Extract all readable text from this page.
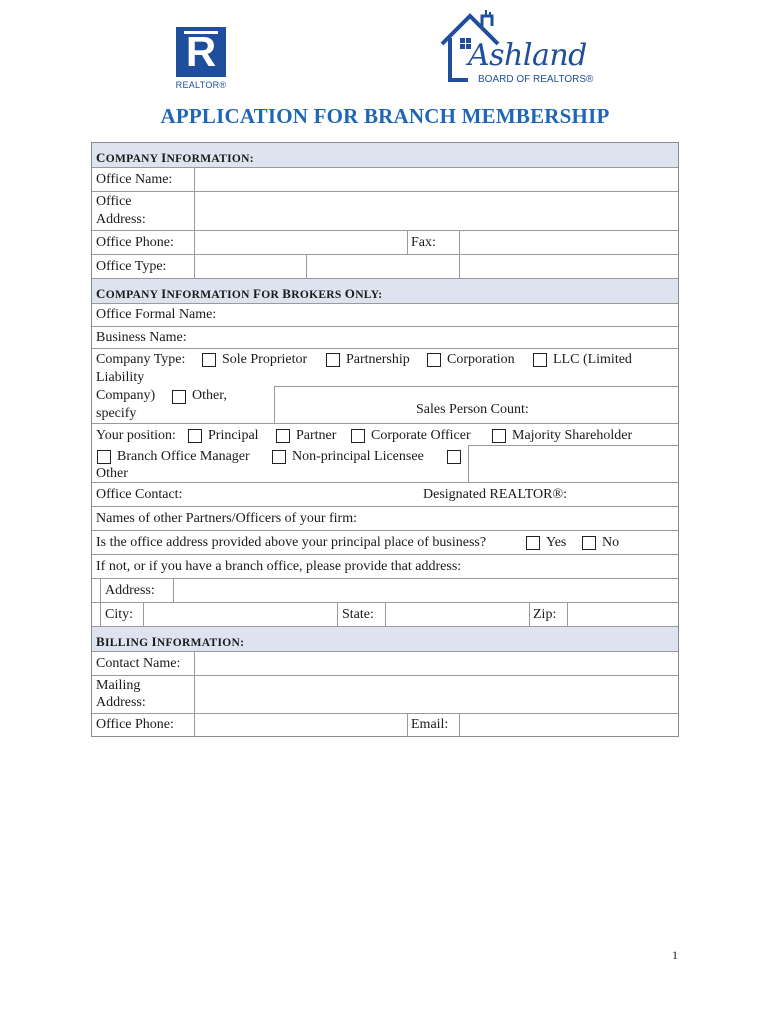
R
REALTOR®
Ashland
BOARD OF REALTORS®
APPLICATION FOR BRANCH MEMBERSHIP
COMPANY INFORMATION:
Office Name:
Office
Address:
Office Phone:	Fax:
Office Type:
COMPANY INFORMATION FOR BROKERS ONLY:
Office Formal Name:
Business Name:
Company Type:	Sole Proprietor	Partnership	Corporation	LLC (Limited
Liability
Company)	Other,
specify	Sales Person Count:
Your position: Principal	Partner Corporate Officer	Majority Shareholder
Branch Office Manager	Non-principal Licensee
Other
Office Contact:	Designated REALTOR®:
Names of other Partners/Officers of your firm:
Is the office address provided above your principal place of business?	Yes	No
If not, or if you have a branch office, please provide that address:
Address:
City:	State:	Zip:
BILLING INFORMATION:
Contact Name:
Mailing
Address:
Office Phone:	Email:
1
